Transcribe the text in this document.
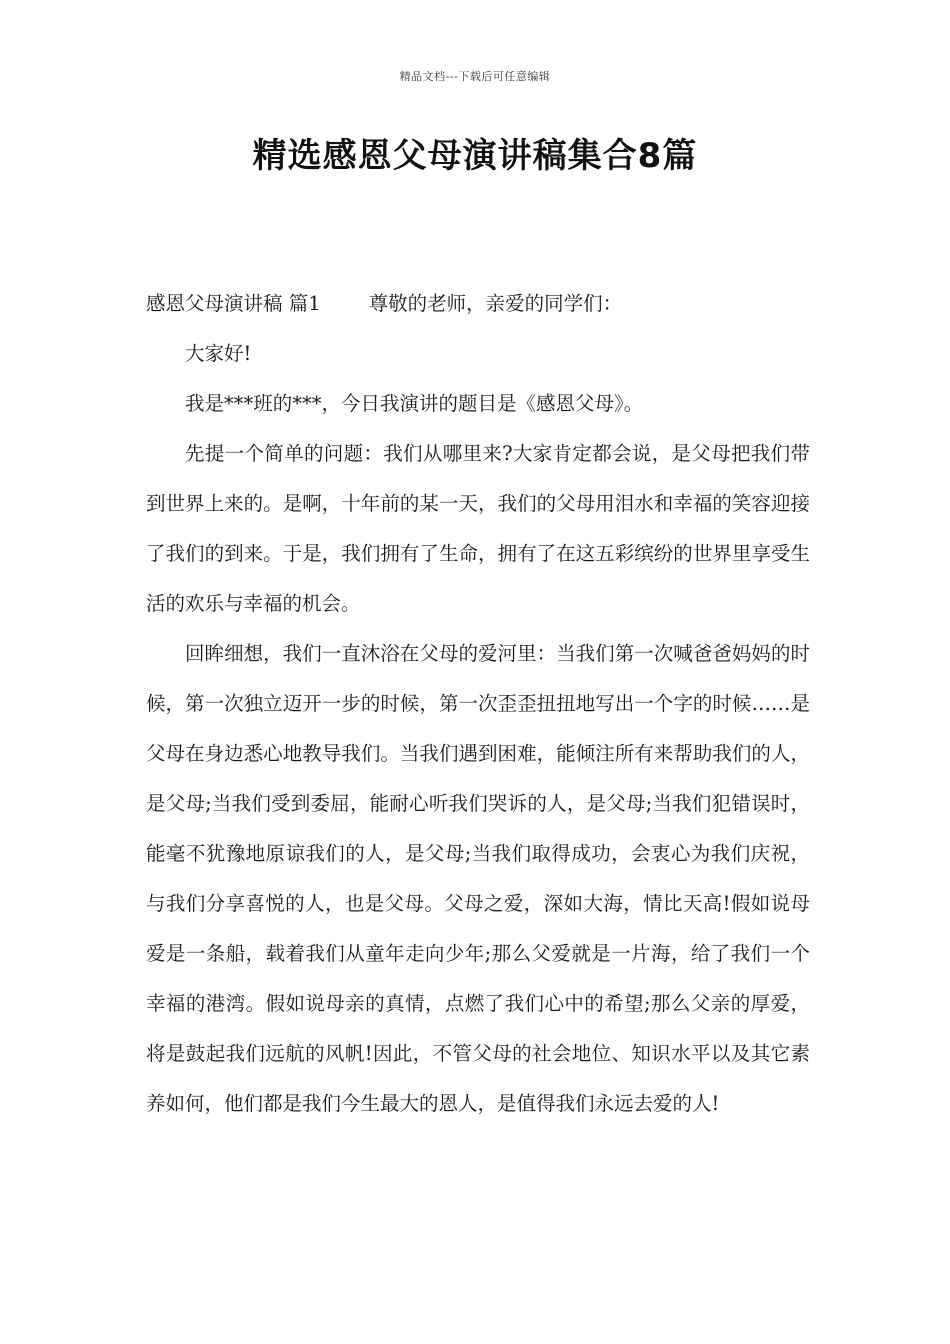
精品文档---下载后可任意编辑
精选感恩父母演讲稿集合8篇

感恩父母演讲稿 篇1 尊敬的老师，亲爱的同学们：

大家好!

我是***班的***，今日我演讲的题目是《感恩父母》。

先提一个简单的问题：我们从哪里来?大家肯定都会说，是父母把我们带到世界上来的。是啊，十年前的某一天，我们的父母用泪水和幸福的笑容迎接了我们的到来。于是，我们拥有了生命，拥有了在这五彩缤纷的世界里享受生活的欢乐与幸福的机会。

回眸细想，我们一直沐浴在父母的爱河里：当我们第一次喊爸爸妈妈的时候，第一次独立迈开一步的时候，第一次歪歪扭扭地写出一个字的时候……是父母在身边悉心地教导我们。当我们遇到困难，能倾注所有来帮助我们的人，是父母;当我们受到委屈，能耐心听我们哭诉的人，是父母;当我们犯错误时，能毫不犹豫地原谅我们的人，是父母;当我们取得成功，会衷心为我们庆祝，与我们分享喜悦的人，也是父母。父母之爱，深如大海，情比天高!假如说母爱是一条船，载着我们从童年走向少年;那么父爱就是一片海，给了我们一个幸福的港湾。假如说母亲的真情，点燃了我们心中的希望;那么父亲的厚爱，将是鼓起我们远航的风帆!因此，不管父母的社会地位、知识水平以及其它素养如何，他们都是我们今生最大的恩人，是值得我们永远去爱的人!
